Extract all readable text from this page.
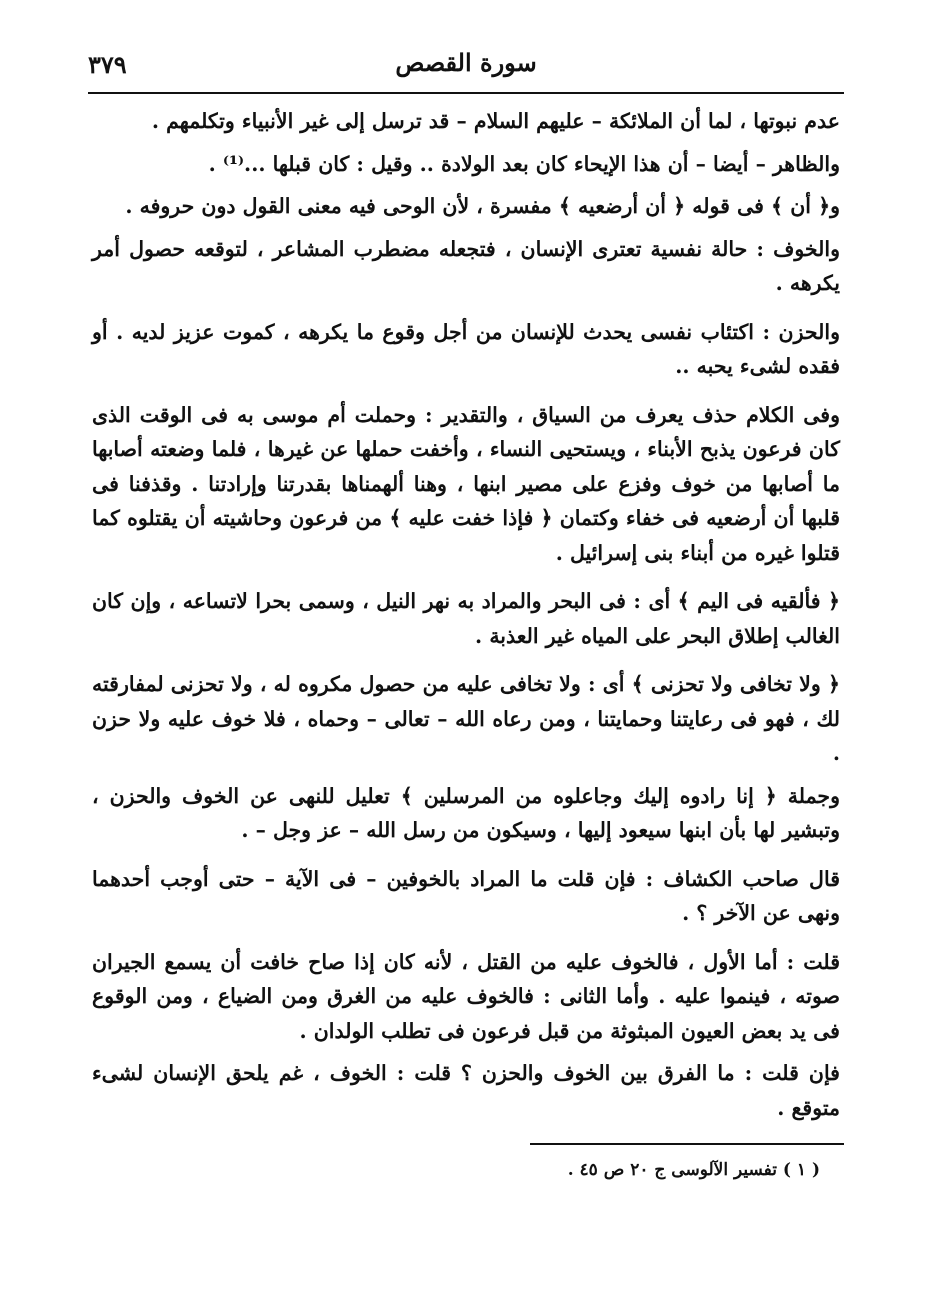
٣٧٩	سورة القصص

عدم نبوتها ، لما أن الملائكة – عليهم السلام – قد ترسل إلى غير الأنبياء وتكلمهم .

والظاهر – أيضا – أن هذا الإيحاء كان بعد الولادة .. وقيل : كان قبلها ...⁽¹⁾ .

و﴿ أن ﴾ فى قوله ﴿ أن أرضعيه ﴾ مفسرة ، لأن الوحى فيه معنى القول دون حروفه .

والخوف : حالة نفسية تعترى الإنسان ، فتجعله مضطرب المشاعر ، لتوقعه حصول أمر يكرهه .

والحزن : اكتئاب نفسى يحدث للإنسان من أجل وقوع ما يكرهه ، كموت عزيز لديه . أو فقده لشىء يحبه ..

وفى الكلام حذف يعرف من السياق ، والتقدير : وحملت أم موسى به فى الوقت الذى كان فرعون يذبح الأبناء ، ويستحيى النساء ، وأخفت حملها عن غيرها ، فلما وضعته أصابها ما أصابها من خوف وفزع على مصير ابنها ، وهنا ألهمناها بقدرتنا وإرادتنا . وقذفنا فى قلبها أن أرضعيه فى خفاء وكتمان ﴿ فإذا خفت عليه ﴾ من فرعون وحاشيته أن يقتلوه كما قتلوا غيره من أبناء بنى إسرائيل .

﴿ فألقيه فى اليم ﴾ أى : فى البحر والمراد به نهر النيل ، وسمى بحرا لاتساعه ، وإن كان الغالب إطلاق البحر على المياه غير العذبة .

﴿ ولا تخافى ولا تحزنى ﴾ أى : ولا تخافى عليه من حصول مكروه له ، ولا تحزنى لمفارقته لك ، فهو فى رعايتنا وحمايتنا ، ومن رعاه الله – تعالى – وحماه ، فلا خوف عليه ولا حزن .

وجملة ﴿ إنا رادوه إليك وجاعلوه من المرسلين ﴾ تعليل للنهى عن الخوف والحزن ، وتبشير لها بأن ابنها سيعود إليها ، وسيكون من رسل الله – عز وجل – .

قال صاحب الكشاف : فإن قلت ما المراد بالخوفين – فى الآية – حتى أوجب أحدهما ونهى عن الآخر ؟ .

قلت : أما الأول ، فالخوف عليه من القتل ، لأنه كان إذا صاح خافت أن يسمع الجيران صوته ، فينموا عليه . وأما الثانى : فالخوف عليه من الغرق ومن الضياع ، ومن الوقوع فى يد بعض العيون المبثوثة من قبل فرعون فى تطلب الولدان .

فإن قلت : ما الفرق بين الخوف والحزن ؟ قلت : الخوف ، غم يلحق الإنسان لشىء متوقع .

( ١ ) تفسير الآلوسى ج ٢٠ ص ٤٥ .
